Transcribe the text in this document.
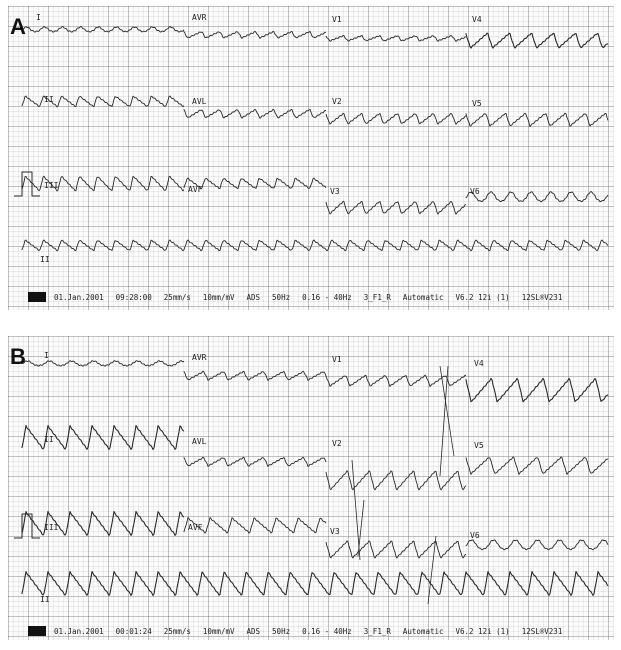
A I	AVR	V1	V4
II	AVL	V2	V5
III	AVF	V3	V6
II
01.Jan.2001 09:28:00 25mm/s 10mm/mV ADS 50Hz 0.16 - 40Hz 3_F1_R Automatic V6.2 12i (1) 12SL®V231
B I	AVR	V1	V4
II	AVL	V2	V5
III	AVF	V3	V6
II
01.Jan.2001 00:01:24 25mm/s 10mm/mV ADS 50Hz 0.16 - 40Hz 3_F1_R Automatic V6.2 12i (1) 12SL®V231
